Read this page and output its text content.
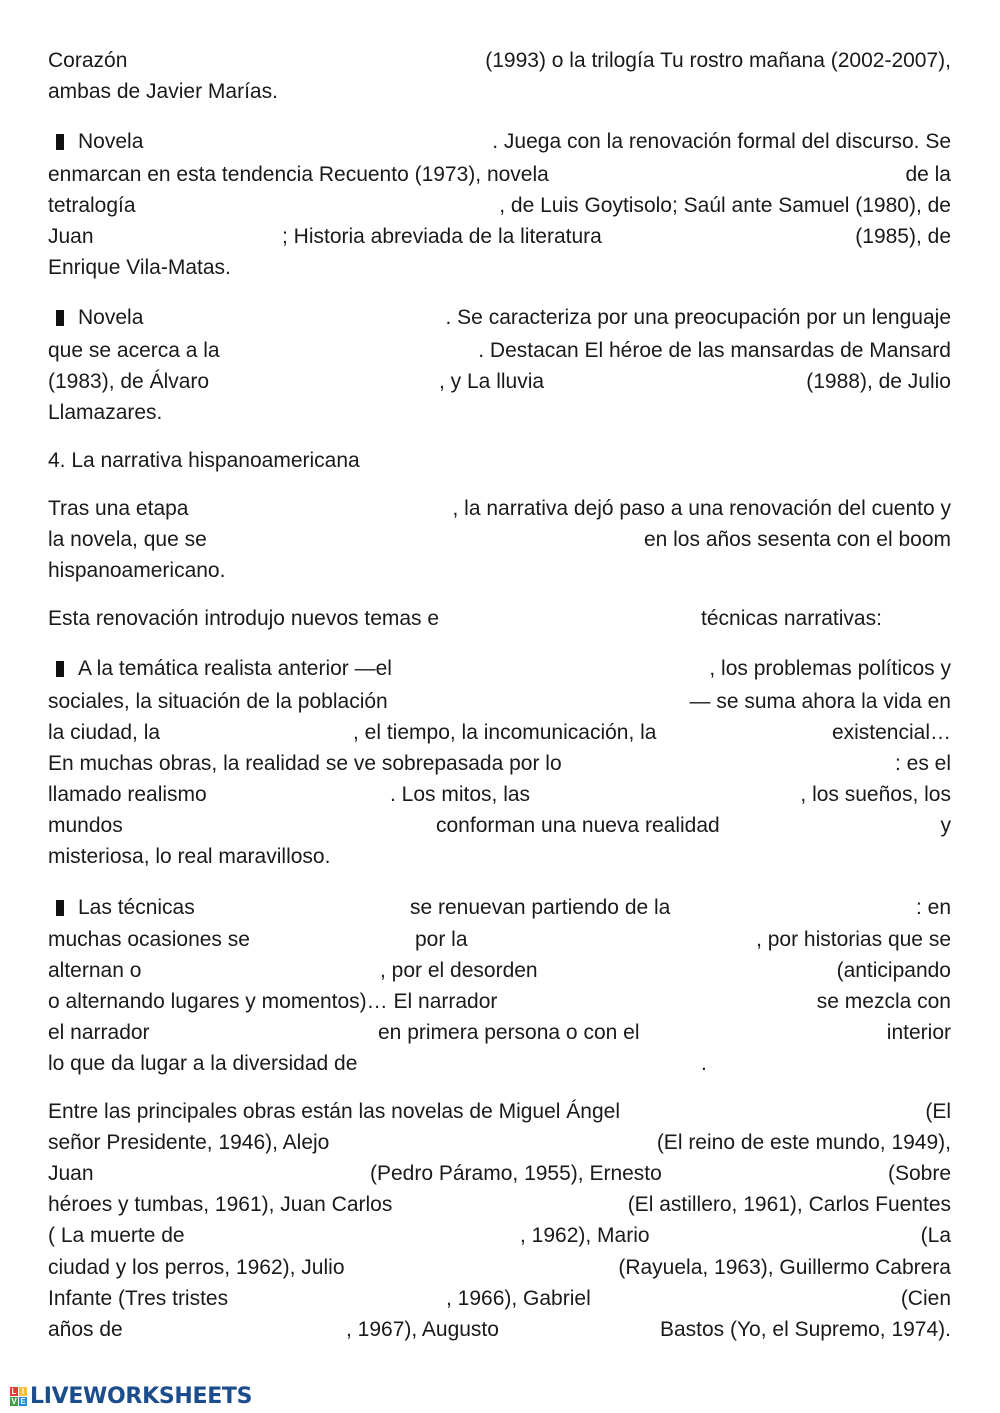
Corazón	(1993) o la trilogía Tu rostro mañana (2002-2007),
ambas de Javier Marías.
Novela	. Juega con la renovación formal del discurso. Se
enmarcan en esta tendencia Recuento (1973), novela	de la
tetralogía	, de Luis Goytisolo; Saúl ante Samuel (1980), de
Juan	; Historia abreviada de la literatura	(1985), de
Enrique Vila-Matas.
Novela	. Se caracteriza por una preocupación por un lenguaje
que se acerca a la	. Destacan El héroe de las mansardas de Mansard
(1983), de Álvaro	, y La lluvia	(1988), de Julio
Llamazares.
4. La narrativa hispanoamericana
Tras una etapa	, la narrativa dejó paso a una renovación del cuento y
la novela, que se	en los años sesenta con el boom
hispanoamericano.
Esta renovación introdujo nuevos temas e	técnicas narrativas:
A la temática realista anterior —el	, los problemas políticos y
sociales, la situación de la población	— se suma ahora la vida en
la ciudad, la	, el tiempo, la incomunicación, la	existencial…
En muchas obras, la realidad se ve sobrepasada por lo	: es el
llamado realismo	. Los mitos, las	, los sueños, los
mundos	conforman una nueva realidad	y
misteriosa, lo real maravilloso.
Las técnicas	se renuevan partiendo de la	: en
muchas ocasiones se	por la	, por historias que se
alternan o	, por el desorden	(anticipando
o alternando lugares y momentos)… El narrador	se mezcla con
el narrador	en primera persona o con el	interior
lo que da lugar a la diversidad de	.
Entre las principales obras están las novelas de Miguel Ángel	(El
señor Presidente, 1946), Alejo	(El reino de este mundo, 1949),
Juan	(Pedro Páramo, 1955), Ernesto	(Sobre
héroes y tumbas, 1961), Juan Carlos	(El astillero, 1961), Carlos Fuentes
( La muerte de	, 1962), Mario	(La
ciudad y los perros, 1962), Julio	(Rayuela, 1963), Guillermo Cabrera
Infante (Tres tristes	, 1966), Gabriel	(Cien
años de	, 1967), Augusto	Bastos (Yo, el Supremo, 1974).
L I
V E LIVEWORKSHEETS
